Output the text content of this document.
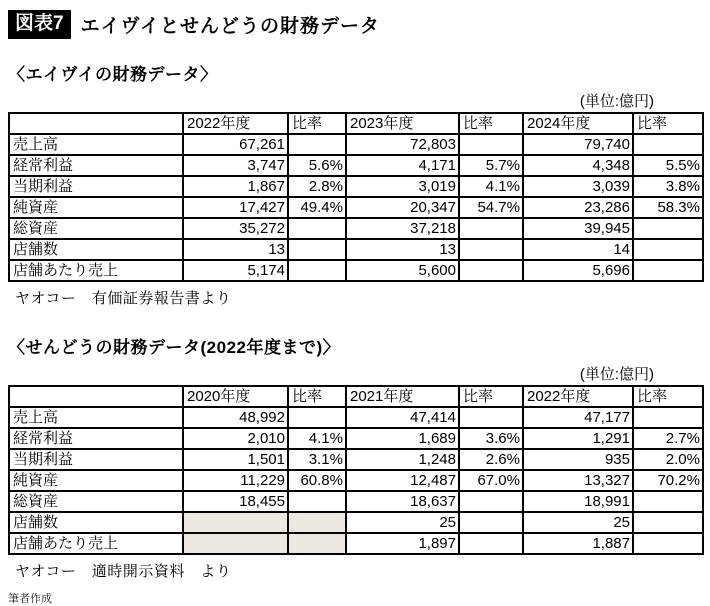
図表7 エイヴイとせんどうの財務データ
〈エイヴイの財務データ〉
(単位:億円)
	2022年度	比率	2023年度	比率	2024年度	比率
売上高	67,261		72,803		79,740	
経常利益	3,747	5.6%	4,171	5.7%	4,348	5.5%
当期利益	1,867	2.8%	3,019	4.1%	3,039	3.8%
純資産	17,427	49.4%	20,347	54.7%	23,286	58.3%
総資産	35,272		37,218		39,945	
店舗数	13		13		14	
店舗あたり売上	5,174		5,600		5,696	
ヤオコー　有価証券報告書より
〈せんどうの財務データ(2022年度まで)〉
(単位:億円)
	2020年度	比率	2021年度	比率	2022年度	比率
売上高	48,992		47,414		47,177	
経常利益	2,010	4.1%	1,689	3.6%	1,291	2.7%
当期利益	1,501	3.1%	1,248	2.6%	935	2.0%
純資産	11,229	60.8%	12,487	67.0%	13,327	70.2%
総資産	18,455		18,637		18,991	
店舗数			25		25	
店舗あたり売上			1,897		1,887	
ヤオコー　適時開示資料　より
筆者作成
